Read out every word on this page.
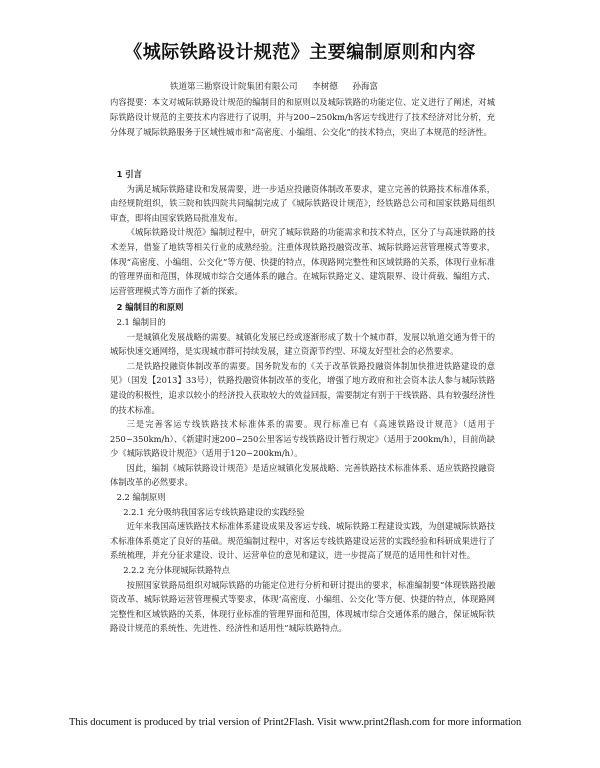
《城际铁路设计规范》主要编制原则和内容
铁道第三勘察设计院集团有限公司 李树德 孙海富
内容提要：本文对城际铁路设计规范的编制目的和原则以及城际铁路的功能定位、定义进行了阐述，对城际铁路设计规范的主要技术内容进行了说明，并与200~250km/h客运专线进行了技术经济对比分析，充分体现了城际铁路服务于区域性城市和“高密度、小编组、公交化”的技术特点，突出了本规范的经济性。

1 引言

为满足城际铁路建设和发展需要，进一步适应投融资体制改革要求，建立完善的铁路技术标准体系，由经规院组织，铁三院和铁四院共同编制完成了《城际铁路设计规范》，经铁路总公司和国家铁路局组织审查，即将由国家铁路局批准发布。

《城际铁路设计规范》编制过程中，研究了城际铁路的功能需求和技术特点，区分了与高速铁路的技术差异，借鉴了地铁等相关行业的成熟经验。注重体现铁路投融资改革、城际铁路运营管理模式等要求，体现“高密度、小编组、公交化”等方便、快捷的特点，体现路网完整性和区域铁路的关系，体现行业标准的管理界面和范围，体现城市综合交通体系的融合。在城际铁路定义、建筑限界、设计荷载、编组方式、运营管理模式等方面作了新的探索。

2 编制目的和原则

2.1 编制目的

一是城镇化发展战略的需要。城镇化发展已经或逐渐形成了数十个城市群，发展以轨道交通为骨干的城际快速交通网络，是实现城市群可持续发展，建立资源节约型、环境友好型社会的必然要求。

二是铁路投融资体制改革的需要。国务院发布的《关于改革铁路投融资体制加快推进铁路建设的意见》（国发【2013】33号），铁路投融资体制改革的变化，增强了地方政府和社会资本法人参与城际铁路建设的积极性，追求以较小的经济投入获取较大的效益回报，需要制定有别于干线铁路、具有较强经济性的技术标准。

三是完善客运专线铁路技术标准体系的需要。现行标准已有《高速铁路设计规范》（适用于250~350km/h）、《新建时速200~250公里客运专线铁路设计暂行规定》（适用于200km/h），目前尚缺少《城际铁路设计规范》（适用于120~200km/h）。

因此，编制《城际铁路设计规范》是适应城镇化发展战略、完善铁路技术标准体系、适应铁路投融资体制改革的必然要求。

2.2 编制原则

2.2.1 充分吸纳我国客运专线铁路建设的实践经验

近年来我国高速铁路技术标准体系建设成果及客运专线、城际铁路工程建设实践，为创建城际铁路技术标准体系奠定了良好的基础。规范编制过程中，对客运专线铁路建设运营的实践经验和科研成果进行了系统梳理，并充分征求建设、设计、运营单位的意见和建议，进一步提高了规范的适用性和针对性。

2.2.2 充分体现城际铁路特点

按照国家铁路局组织对城际铁路的功能定位进行分析和研讨提出的要求，标准编制要“体现铁路投融资改革、城际铁路运营管理模式等要求，体现‘高密度、小编组、公交化’等方便、快捷的特点，体现路网完整性和区域铁路的关系，体现行业标准的管理界面和范围，体现城市综合交通体系的融合，保证城际铁路设计规范的系统性、先进性、经济性和适用性”城际铁路特点。

This document is produced by trial version of Print2Flash. Visit www.print2flash.com for more information
